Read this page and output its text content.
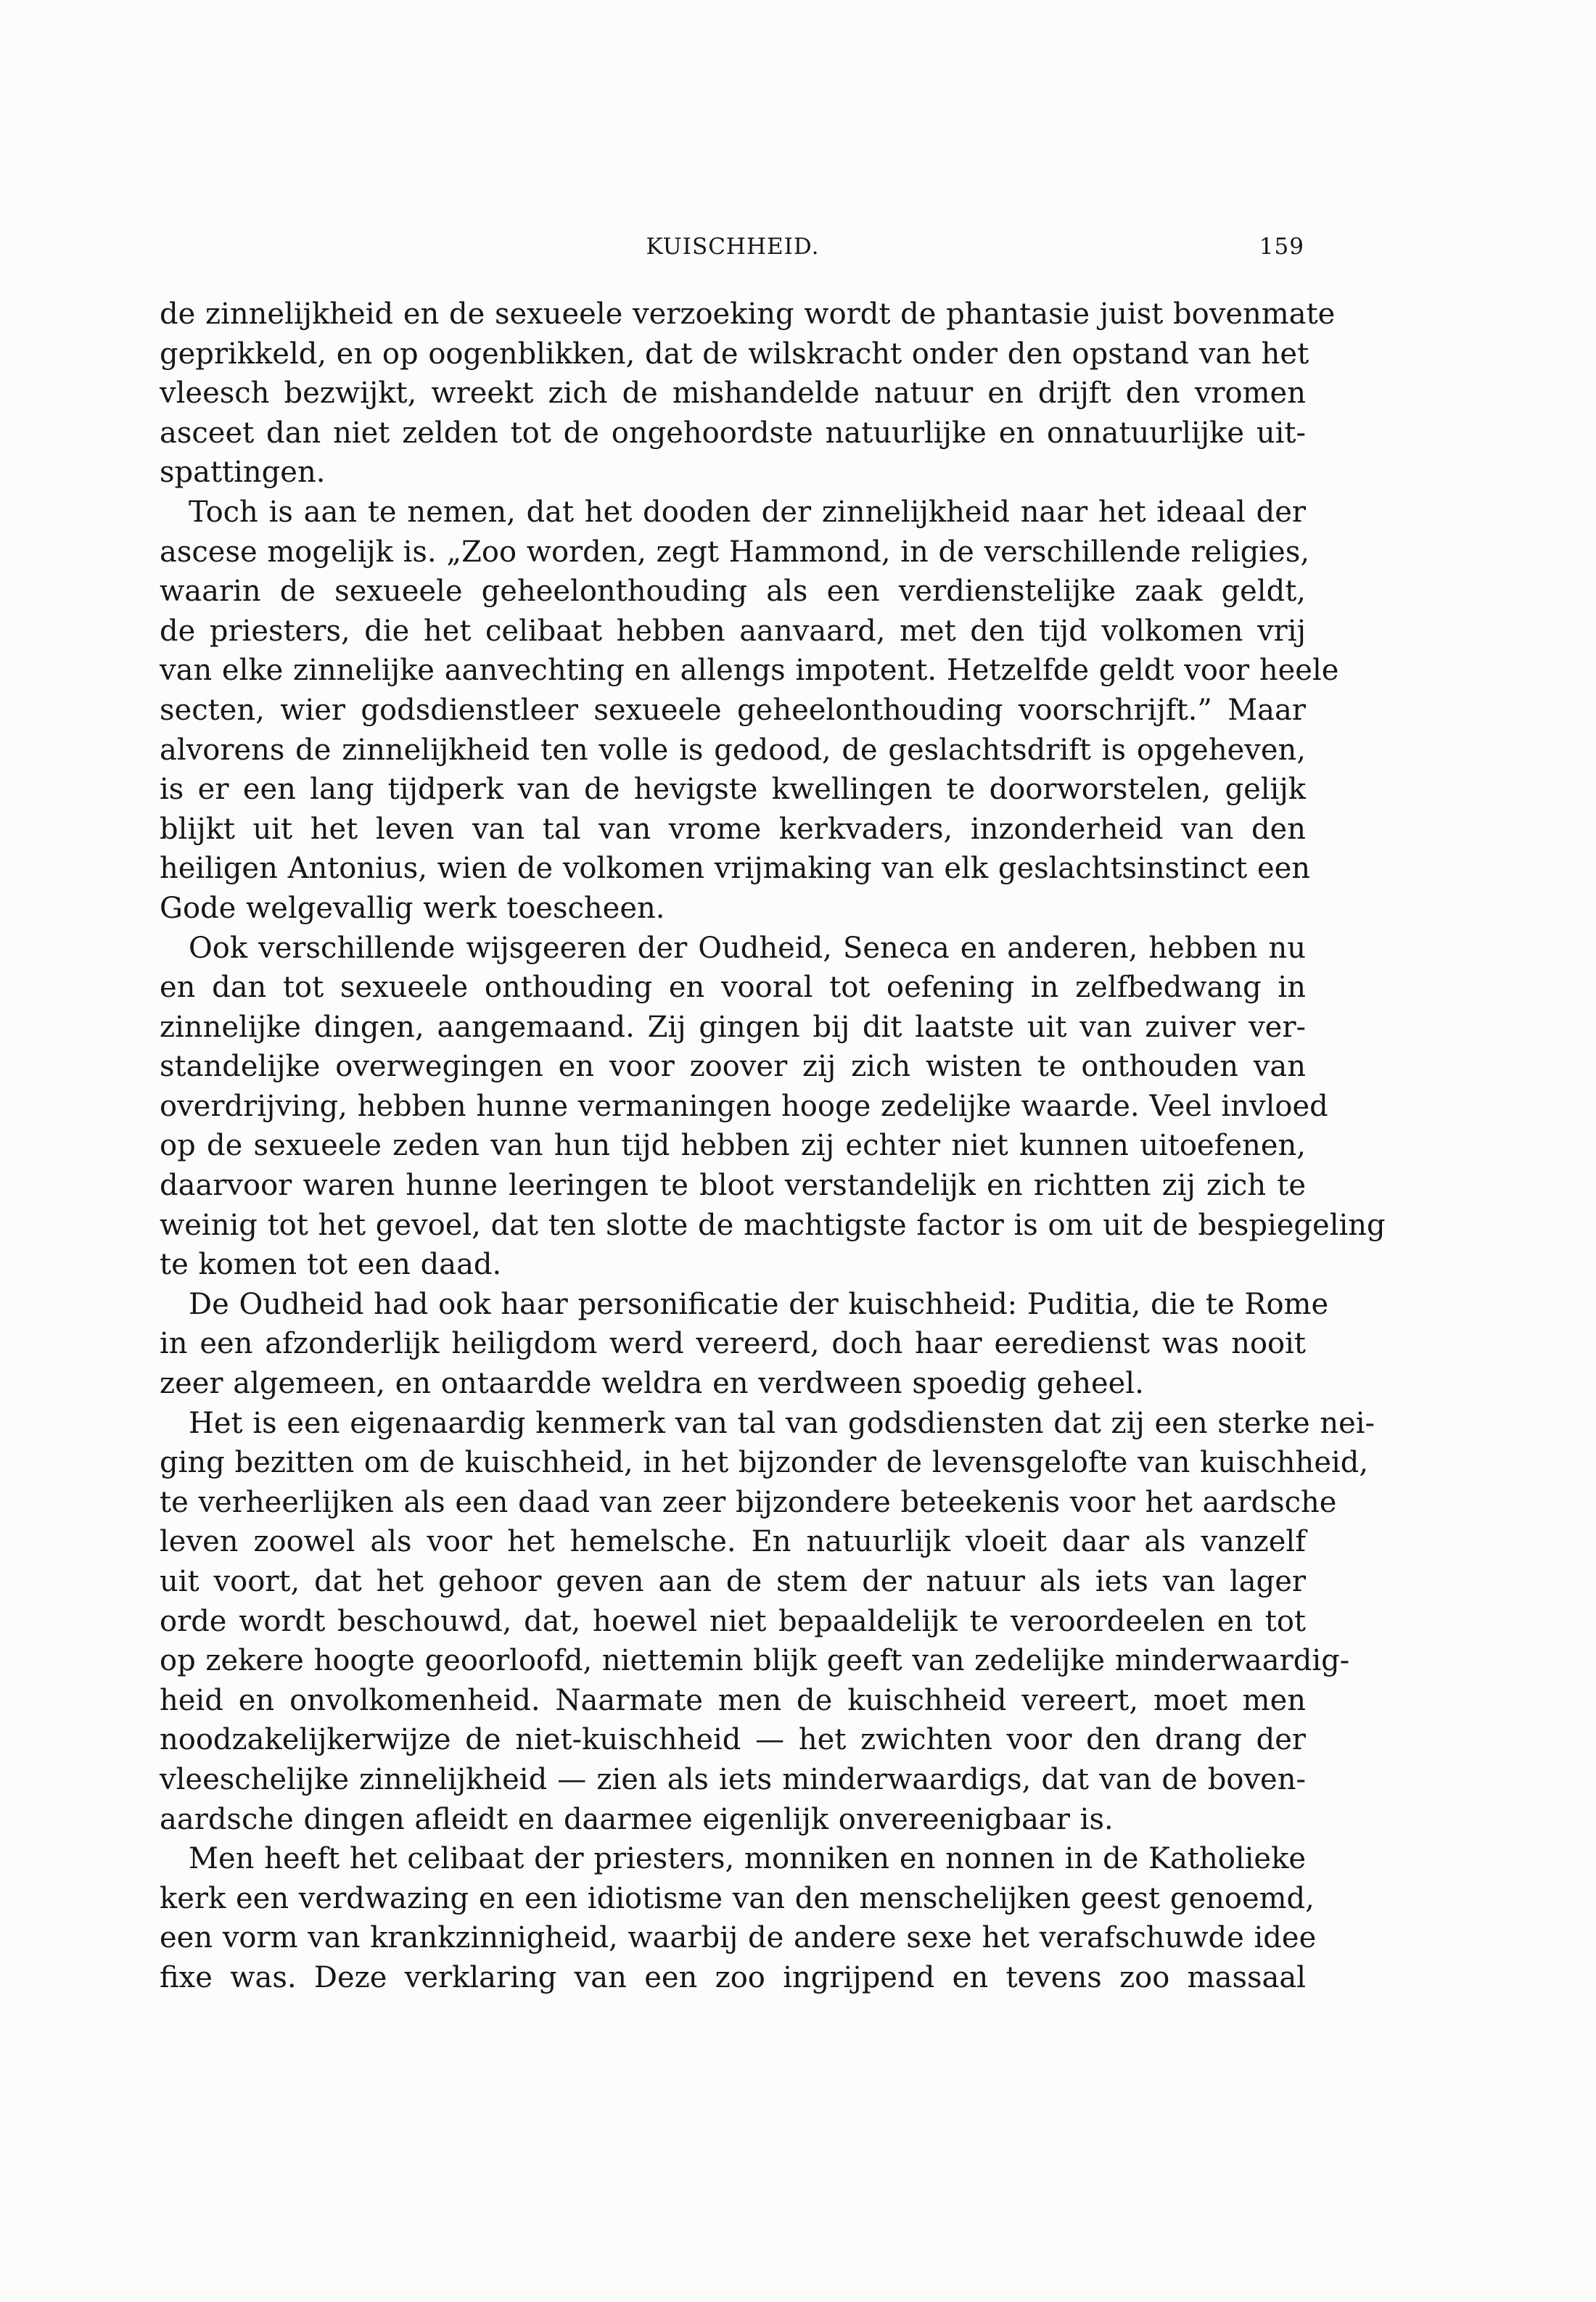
KUISCHHEID.	159
de zinnelijkheid en de sexueele verzoeking wordt de phantasie juist bovenmate
geprikkeld, en op oogenblikken, dat de wilskracht onder den opstand van het
vleesch bezwijkt, wreekt zich de mishandelde natuur en drijft den vromen
asceet dan niet zelden tot de ongehoordste natuurlijke en onnatuurlijke uit-
spattingen.
Toch is aan te nemen, dat het dooden der zinnelijkheid naar het ideaal der
ascese mogelijk is. „Zoo worden, zegt Hammond, in de verschillende religies,
waarin de sexueele geheelonthouding als een verdienstelijke zaak geldt,
de priesters, die het celibaat hebben aanvaard, met den tijd volkomen vrij
van elke zinnelijke aanvechting en allengs impotent. Hetzelfde geldt voor heele
secten, wier godsdienstleer sexueele geheelonthouding voorschrijft.” Maar
alvorens de zinnelijkheid ten volle is gedood, de geslachtsdrift is opgeheven,
is er een lang tijdperk van de hevigste kwellingen te doorworstelen, gelijk
blijkt uit het leven van tal van vrome kerkvaders, inzonderheid van den
heiligen Antonius, wien de volkomen vrijmaking van elk geslachtsinstinct een
Gode welgevallig werk toescheen.
Ook verschillende wijsgeeren der Oudheid, Seneca en anderen, hebben nu
en dan tot sexueele onthouding en vooral tot oefening in zelfbedwang in
zinnelijke dingen, aangemaand. Zij gingen bij dit laatste uit van zuiver ver-
standelijke overwegingen en voor zoover zij zich wisten te onthouden van
overdrijving, hebben hunne vermaningen hooge zedelijke waarde. Veel invloed
op de sexueele zeden van hun tijd hebben zij echter niet kunnen uitoefenen,
daarvoor waren hunne leeringen te bloot verstandelijk en richtten zij zich te
weinig tot het gevoel, dat ten slotte de machtigste factor is om uit de bespiegeling
te komen tot een daad.
De Oudheid had ook haar personificatie der kuischheid: Puditia, die te Rome
in een afzonderlijk heiligdom werd vereerd, doch haar eeredienst was nooit
zeer algemeen, en ontaardde weldra en verdween spoedig geheel.
Het is een eigenaardig kenmerk van tal van godsdiensten dat zij een sterke nei-
ging bezitten om de kuischheid, in het bijzonder de levensgelofte van kuischheid,
te verheerlijken als een daad van zeer bijzondere beteekenis voor het aardsche
leven zoowel als voor het hemelsche. En natuurlijk vloeit daar als vanzelf
uit voort, dat het gehoor geven aan de stem der natuur als iets van lager
orde wordt beschouwd, dat, hoewel niet bepaaldelijk te veroordeelen en tot
op zekere hoogte geoorloofd, niettemin blijk geeft van zedelijke minderwaardig-
heid en onvolkomenheid. Naarmate men de kuischheid vereert, moet men
noodzakelijkerwijze de niet-kuischheid — het zwichten voor den drang der
vleeschelijke zinnelijkheid — zien als iets minderwaardigs, dat van de boven-
aardsche dingen afleidt en daarmee eigenlijk onvereenigbaar is.
Men heeft het celibaat der priesters, monniken en nonnen in de Katholieke
kerk een verdwazing en een idiotisme van den menschelijken geest genoemd,
een vorm van krankzinnigheid, waarbij de andere sexe het verafschuwde idee
fixe was. Deze verklaring van een zoo ingrijpend en tevens zoo massaal
